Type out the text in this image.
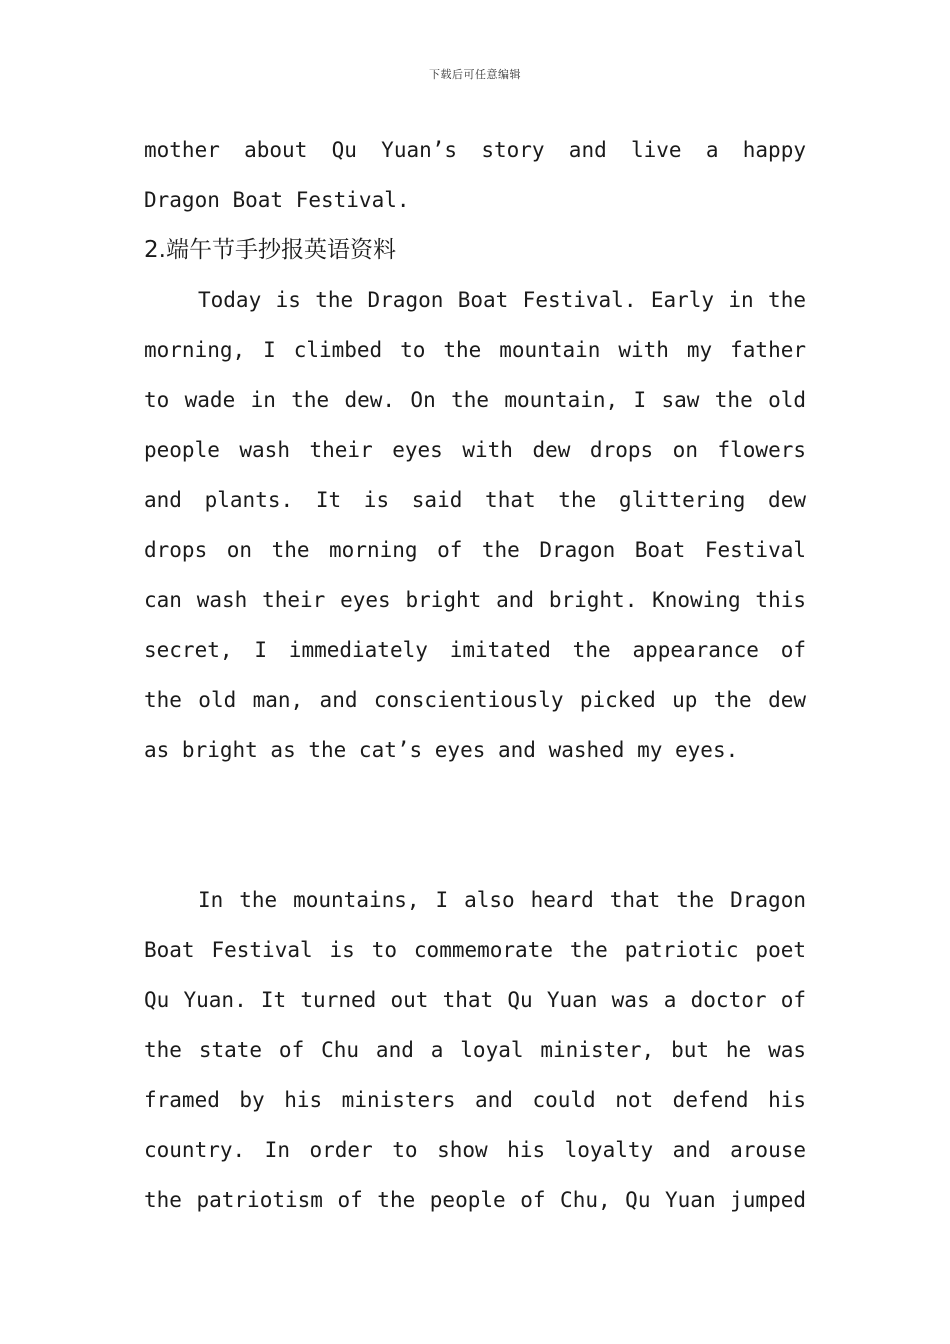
下载后可任意编辑
mother about Qu Yuan’s story and live a happy
Dragon Boat Festival.
2.端午节手抄报英语资料
Today is the Dragon Boat Festival. Early in the
morning, I climbed to the mountain with my father
to wade in the dew. On the mountain, I saw the old
people wash their eyes with dew drops on flowers
and plants. It is said that the glittering dew
drops on the morning of the Dragon Boat Festival
can wash their eyes bright and bright. Knowing this
secret, I immediately imitated the appearance of
the old man, and conscientiously picked up the dew
as bright as the cat’s eyes and washed my eyes.
In the mountains, I also heard that the Dragon
Boat Festival is to commemorate the patriotic poet
Qu Yuan. It turned out that Qu Yuan was a doctor of
the state of Chu and a loyal minister, but he was
framed by his ministers and could not defend his
country. In order to show his loyalty and arouse
the patriotism of the people of Chu, Qu Yuan jumped
